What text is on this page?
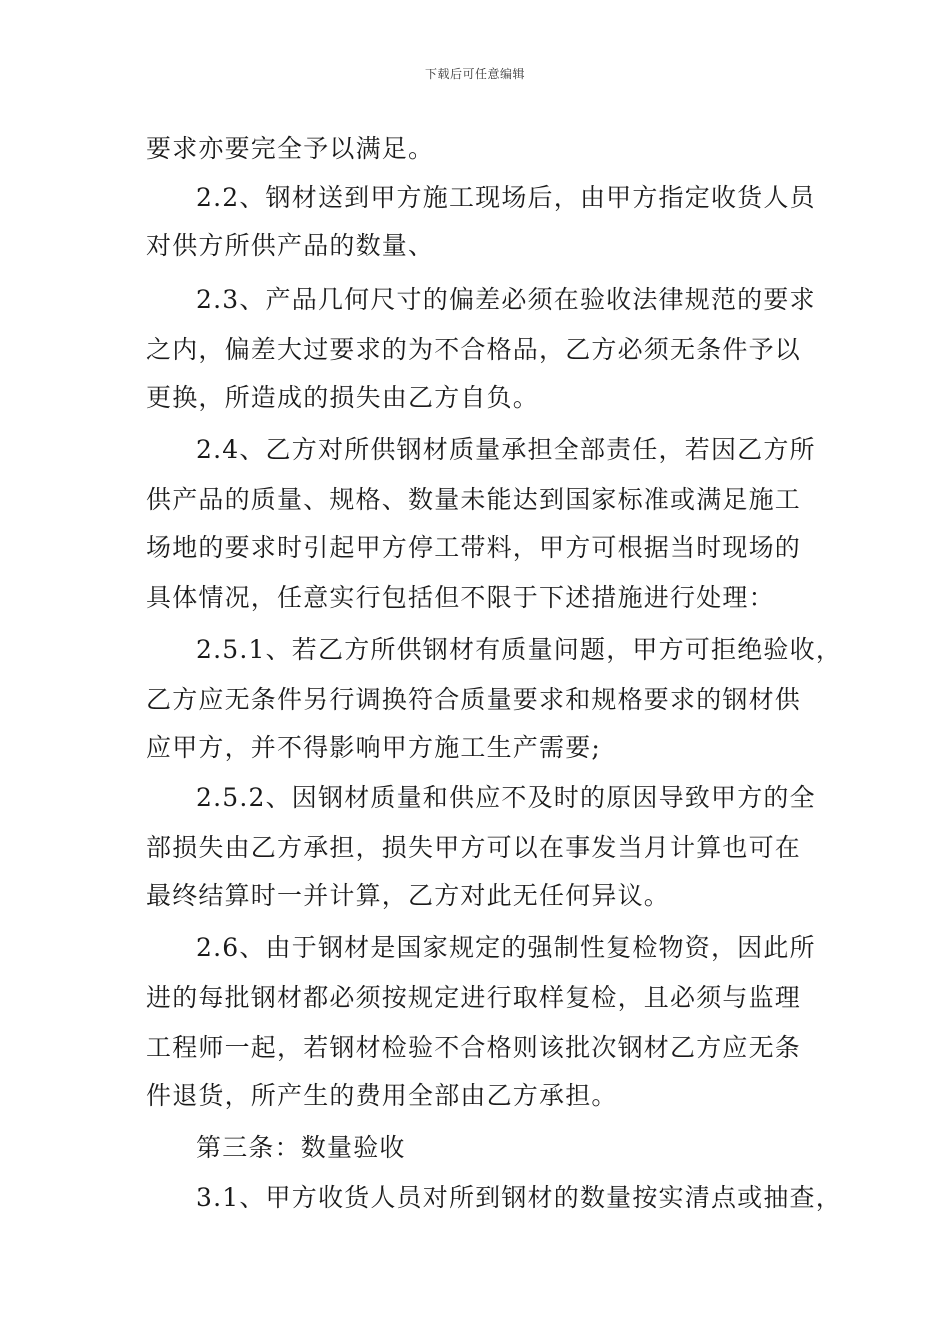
下载后可任意编辑
要求亦要完全予以满足。
2.2、钢材送到甲方施工现场后，由甲方指定收货人员
对供方所供产品的数量、
2.3、产品几何尺寸的偏差必须在验收法律规范的要求
之内，偏差大过要求的为不合格品，乙方必须无条件予以
更换，所造成的损失由乙方自负。
2.4、乙方对所供钢材质量承担全部责任，若因乙方所
供产品的质量、规格、数量未能达到国家标准或满足施工
场地的要求时引起甲方停工带料，甲方可根据当时现场的
具体情况，任意实行包括但不限于下述措施进行处理：
2.5.1、若乙方所供钢材有质量问题，甲方可拒绝验收，
乙方应无条件另行调换符合质量要求和规格要求的钢材供
应甲方，并不得影响甲方施工生产需要;
2.5.2、因钢材质量和供应不及时的原因导致甲方的全
部损失由乙方承担，损失甲方可以在事发当月计算也可在
最终结算时一并计算，乙方对此无任何异议。
2.6、由于钢材是国家规定的强制性复检物资，因此所
进的每批钢材都必须按规定进行取样复检，且必须与监理
工程师一起，若钢材检验不合格则该批次钢材乙方应无条
件退货，所产生的费用全部由乙方承担。
第三条：数量验收
3.1、甲方收货人员对所到钢材的数量按实清点或抽查，
